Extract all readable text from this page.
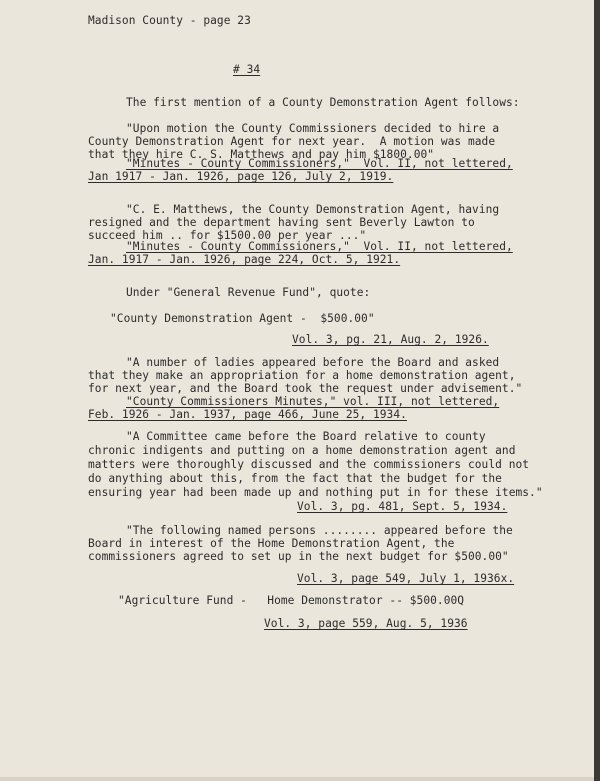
Madison County - page 23
# 34
The first mention of a County Demonstration Agent follows:
"Upon motion the County Commissioners decided to hire a
County Demonstration Agent for next year.  A motion was made
that they hire C. S. Matthews and pay him $1800.00"
"Minutes - County Commissioners,"  Vol. II, not lettered,
Jan 1917 - Jan. 1926, page 126, July 2, 1919.
"C. E. Matthews, the County Demonstration Agent, having
resigned and the department having sent Beverly Lawton to
succeed him .. for $1500.00 per year ..."
"Minutes - County Commissioners,"  Vol. II, not lettered,
Jan. 1917 - Jan. 1926, page 224, Oct. 5, 1921.
Under "General Revenue Fund", quote:
"County Demonstration Agent -  $500.00"
Vol. 3, pg. 21, Aug. 2, 1926.
"A number of ladies appeared before the Board and asked
that they make an appropriation for a home demonstration agent,
for next year, and the Board took the request under advisement."
"County Commissioners Minutes," vol. III, not lettered,
Feb. 1926 - Jan. 1937, page 466, June 25, 1934.
"A Committee came before the Board relative to county
chronic indigents and putting on a home demonstration agent and
matters were thoroughly discussed and the commissioners could not
do anything about this, from the fact that the budget for the
ensuring year had been made up and nothing put in for these items."
Vol. 3, pg. 481, Sept. 5, 1934.
"The following named persons ........ appeared before the
Board in interest of the Home Demonstration Agent, the
commissioners agreed to set up in the next budget for $500.00"
Vol. 3, page 549, July 1, 1936x.
"Agriculture Fund -   Home Demonstrator -- $500.00Q
Vol. 3, page 559, Aug. 5, 1936
